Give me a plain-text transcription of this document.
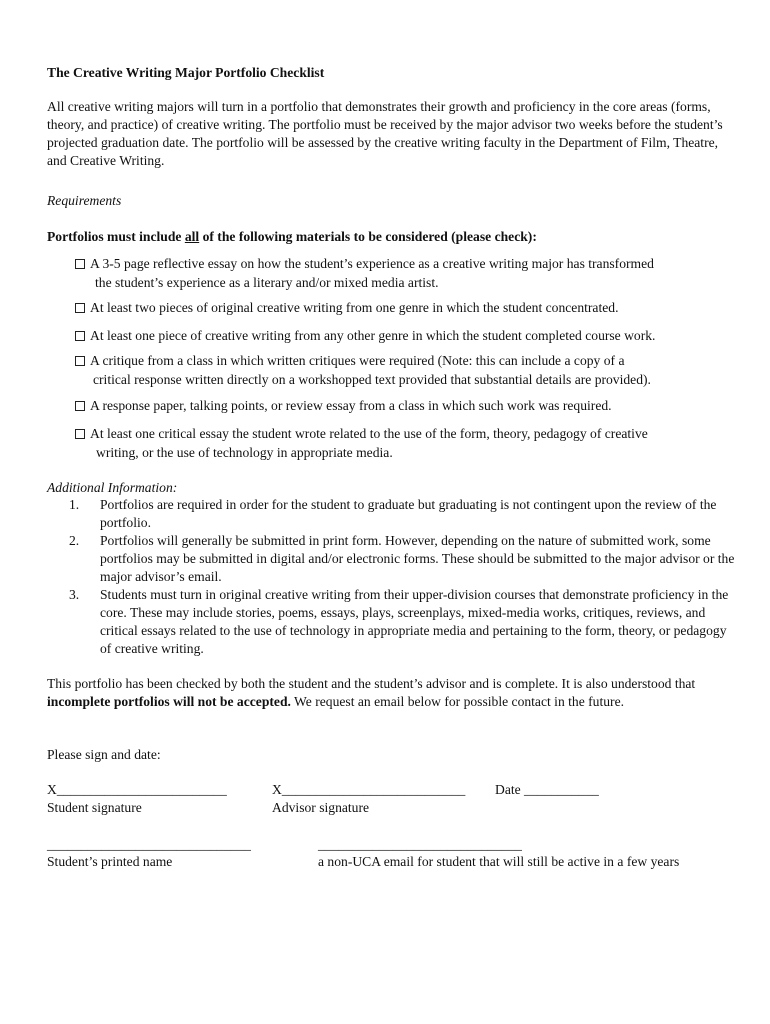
The Creative Writing Major Portfolio Checklist
All creative writing majors will turn in a portfolio that demonstrates their growth and proficiency in the core areas (forms, theory, and practice) of creative writing. The portfolio must be received by the major advisor two weeks before the student’s projected graduation date. The portfolio will be assessed by the creative writing faculty in the Department of Film, Theatre, and Creative Writing.
Requirements
Portfolios must include all of the following materials to be considered (please check):
A 3-5 page reflective essay on how the student’s experience as a creative writing major has transformed
the student’s experience as a literary and/or mixed media artist.
At least two pieces of original creative writing from one genre in which the student concentrated.
At least one piece of creative writing from any other genre in which the student completed course work.
A critique from a class in which written critiques were required (Note: this can include a copy of a
critical response written directly on a workshopped text provided that substantial details are provided).
A response paper, talking points, or review essay from a class in which such work was required.
At least one critical essay the student wrote related to the use of the form, theory, pedagogy of creative
writing, or the use of technology in appropriate media.
Additional Information:
1. Portfolios are required in order for the student to graduate but graduating is not contingent upon the review of the portfolio.
2. Portfolios will generally be submitted in print form. However, depending on the nature of submitted work, some portfolios may be submitted in digital and/or electronic forms. These should be submitted to the major advisor or the major advisor’s email.
3. Students must turn in original creative writing from their upper-division courses that demonstrate proficiency in the core. These may include stories, poems, essays, plays, screenplays, mixed-media works, critiques, reviews, and critical essays related to the use of technology in appropriate media and pertaining to the form, theory, or pedagogy of creative writing.
This portfolio has been checked by both the student and the student’s advisor and is complete. It is also understood that incomplete portfolios will not be accepted. We request an email below for possible contact in the future.
Please sign and date:
X_________________________
Student signature
X___________________________ Date ___________
Advisor signature
______________________________
Student’s printed name
______________________________
a non-UCA email for student that will still be active in a few years
